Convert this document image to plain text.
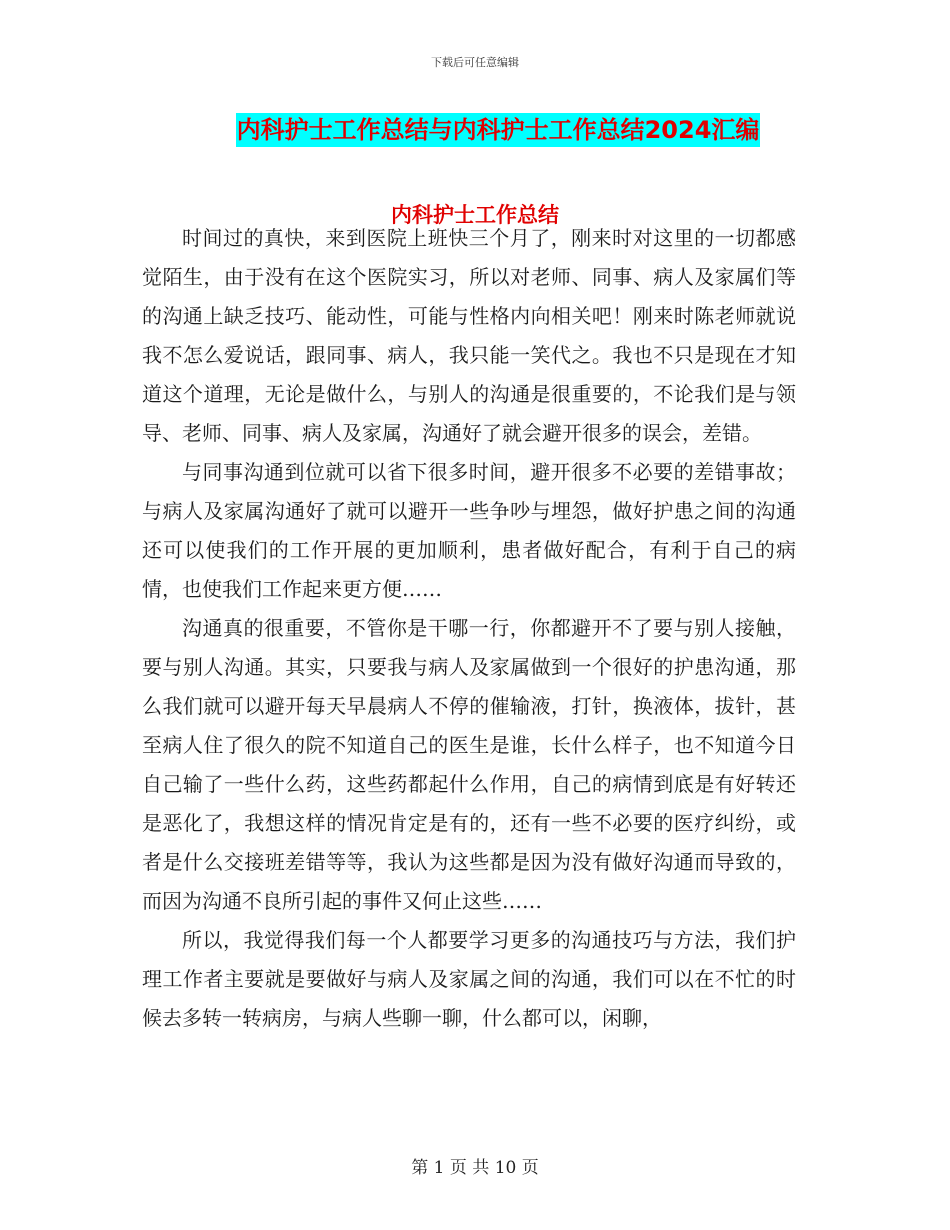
下载后可任意编辑
内科护士工作总结与内科护士工作总结2024汇编
内科护士工作总结

时间过的真快，来到医院上班快三个月了，刚来时对这里的一切都感觉陌生，由于没有在这个医院实习，所以对老师、同事、病人及家属们等的沟通上缺乏技巧、能动性，可能与性格内向相关吧！刚来时陈老师就说我不怎么爱说话，跟同事、病人，我只能一笑代之。我也不只是现在才知道这个道理，无论是做什么，与别人的沟通是很重要的，不论我们是与领导、老师、同事、病人及家属，沟通好了就会避开很多的误会，差错。

与同事沟通到位就可以省下很多时间，避开很多不必要的差错事故；与病人及家属沟通好了就可以避开一些争吵与埋怨，做好护患之间的沟通还可以使我们的工作开展的更加顺利，患者做好配合，有利于自己的病情，也使我们工作起来更方便……

沟通真的很重要，不管你是干哪一行，你都避开不了要与别人接触，要与别人沟通。其实，只要我与病人及家属做到一个很好的护患沟通，那么我们就可以避开每天早晨病人不停的催输液，打针，换液体，拔针，甚至病人住了很久的院不知道自己的医生是谁，长什么样子，也不知道今日自己输了一些什么药，这些药都起什么作用，自己的病情到底是有好转还是恶化了，我想这样的情况肯定是有的，还有一些不必要的医疗纠纷，或者是什么交接班差错等等，我认为这些都是因为没有做好沟通而导致的，而因为沟通不良所引起的事件又何止这些……

所以，我觉得我们每一个人都要学习更多的沟通技巧与方法，我们护理工作者主要就是要做好与病人及家属之间的沟通，我们可以在不忙的时候去多转一转病房，与病人些聊一聊，什么都可以，闲聊，

第 1 页 共 10 页
